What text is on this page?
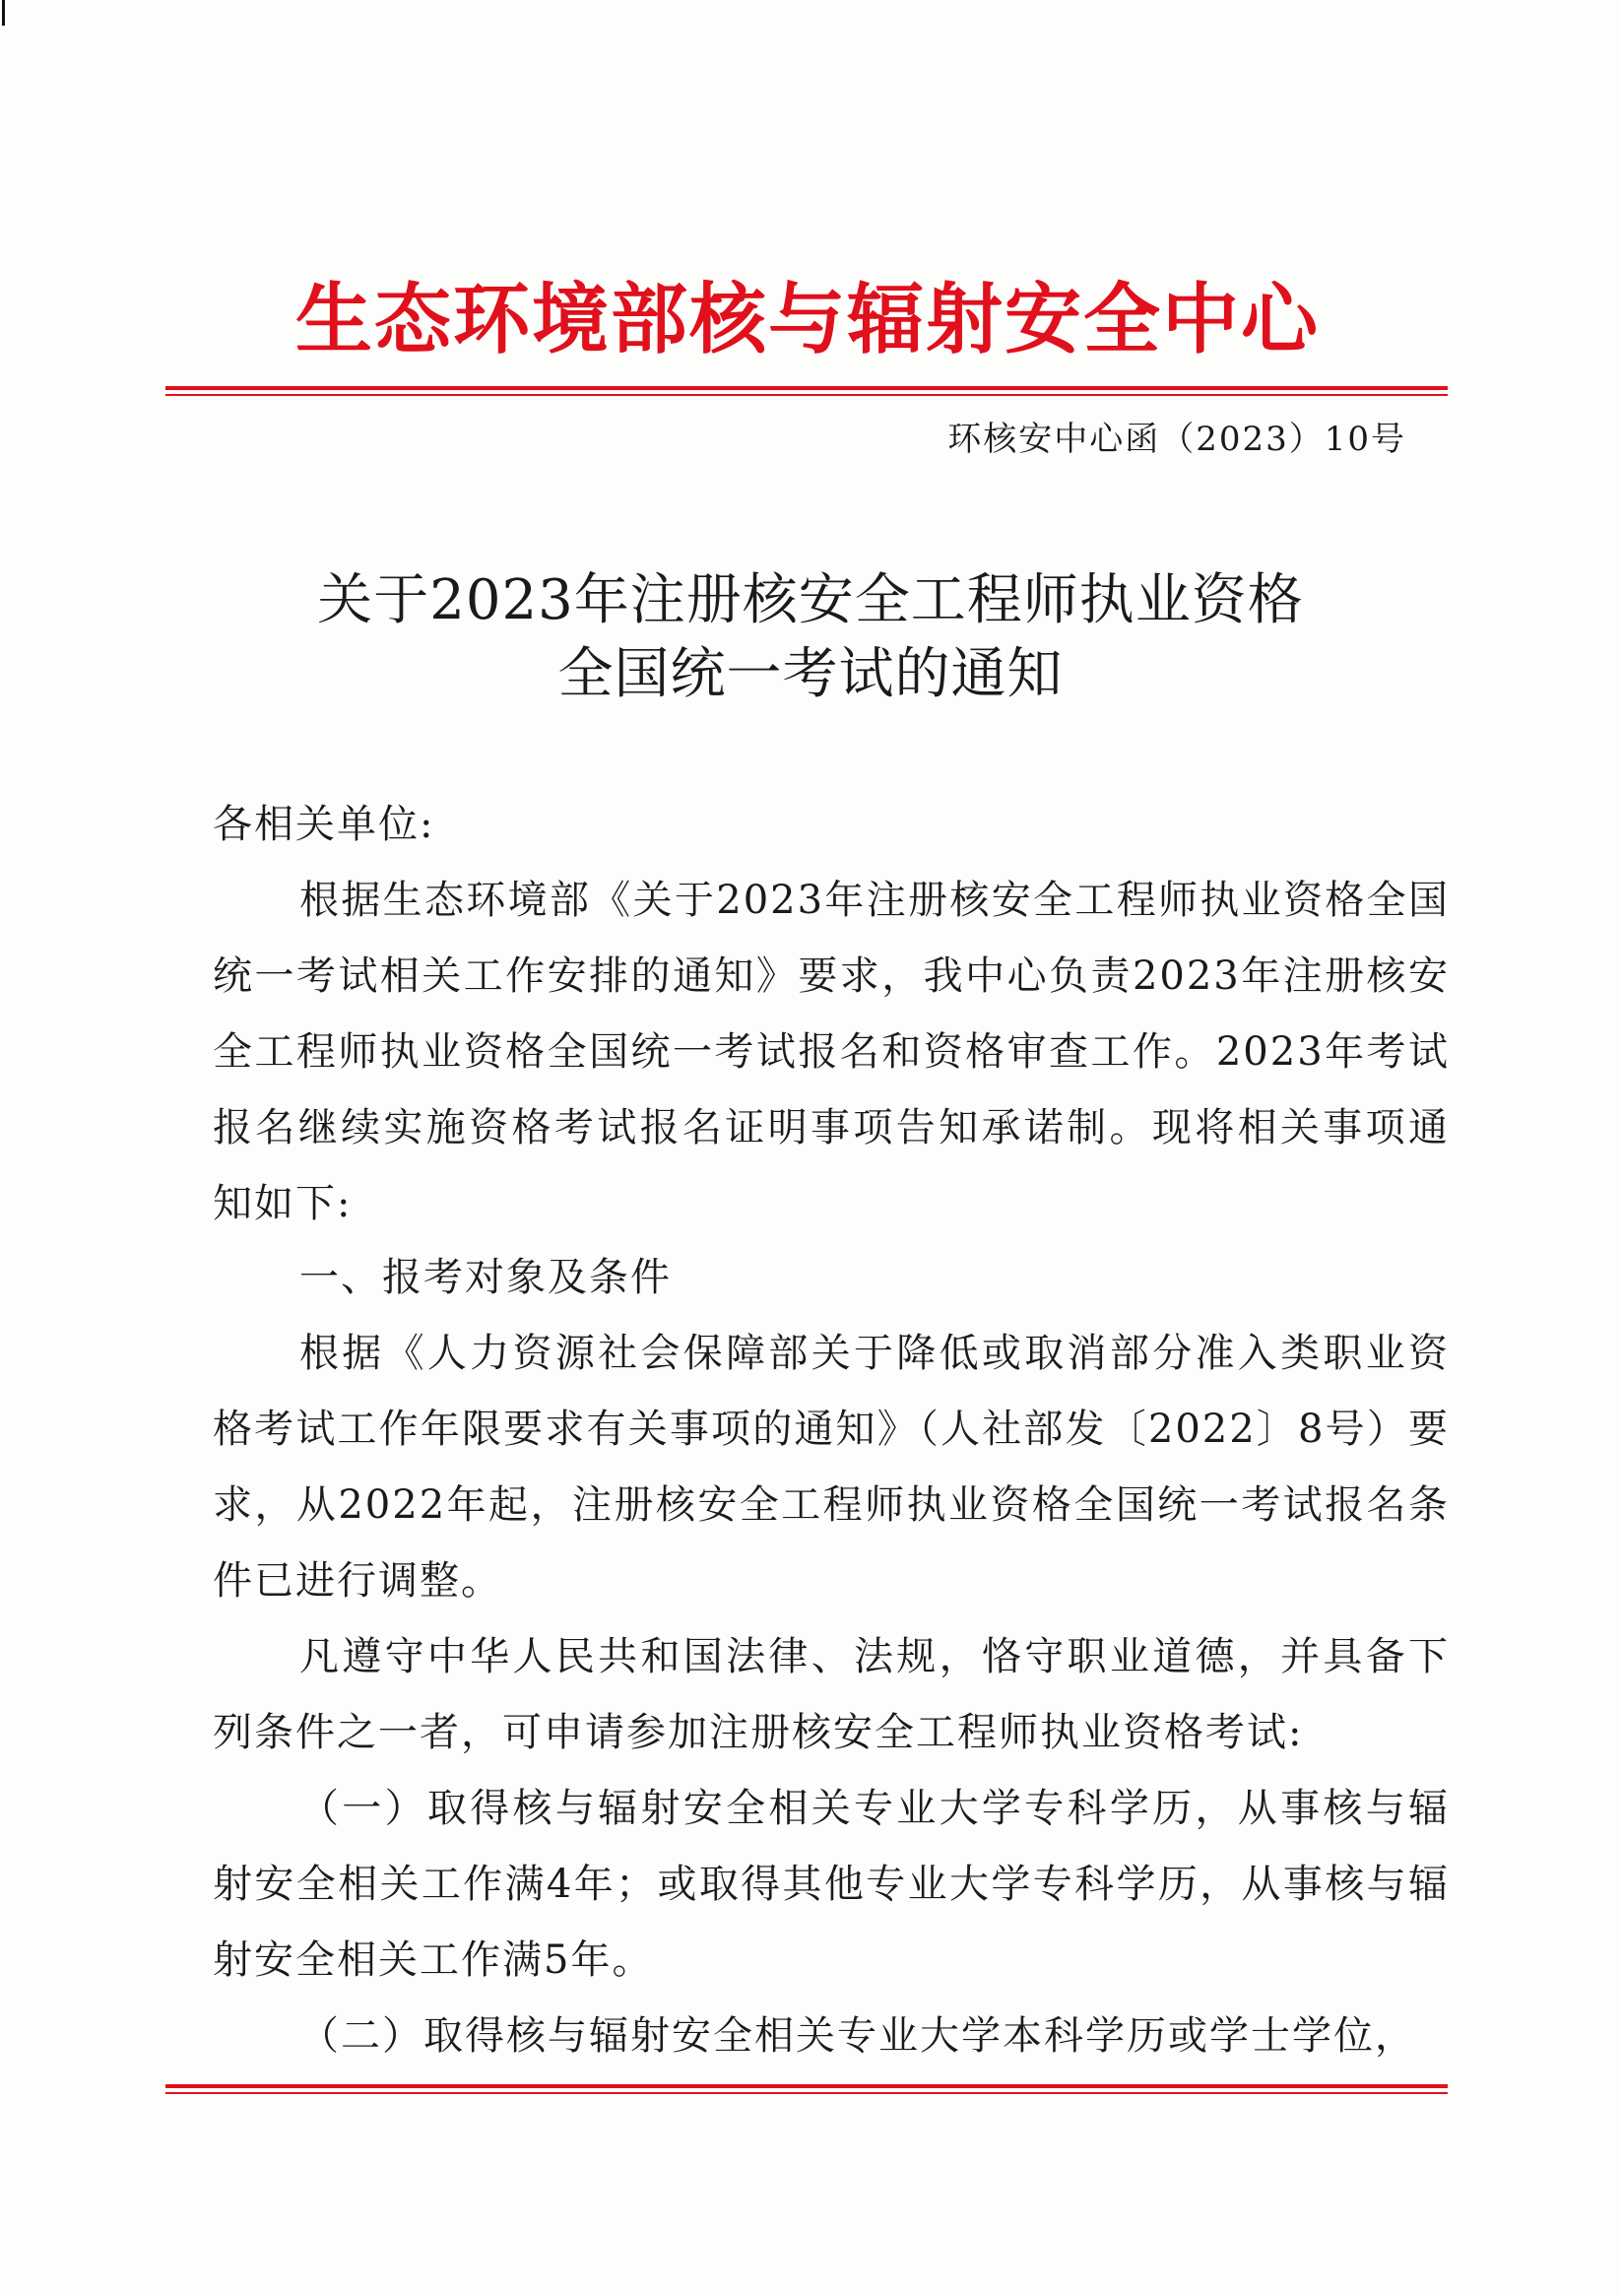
生态环境部核与辐射安全中心
环核安中心函（2023）10号
关于2023年注册核安全工程师执业资格
全国统一考试的通知
各相关单位:
根据生态环境部《关于2023年注册核安全工程师执业资格全国统一考试相关工作安排的通知》要求，我中心负责2023年注册核安全工程师执业资格全国统一考试报名和资格审查工作。2023年考试报名继续实施资格考试报名证明事项告知承诺制。现将相关事项通知如下:
一、报考对象及条件
根据《人力资源社会保障部关于降低或取消部分准入类职业资格考试工作年限要求有关事项的通知》（人社部发〔2022〕8号）要求，从2022年起，注册核安全工程师执业资格全国统一考试报名条件已进行调整。
凡遵守中华人民共和国法律、法规，恪守职业道德，并具备下列条件之一者，可申请参加注册核安全工程师执业资格考试:
（一）取得核与辐射安全相关专业大学专科学历，从事核与辐射安全相关工作满4年；或取得其他专业大学专科学历，从事核与辐射安全相关工作满5年。
（二）取得核与辐射安全相关专业大学本科学历或学士学位，
